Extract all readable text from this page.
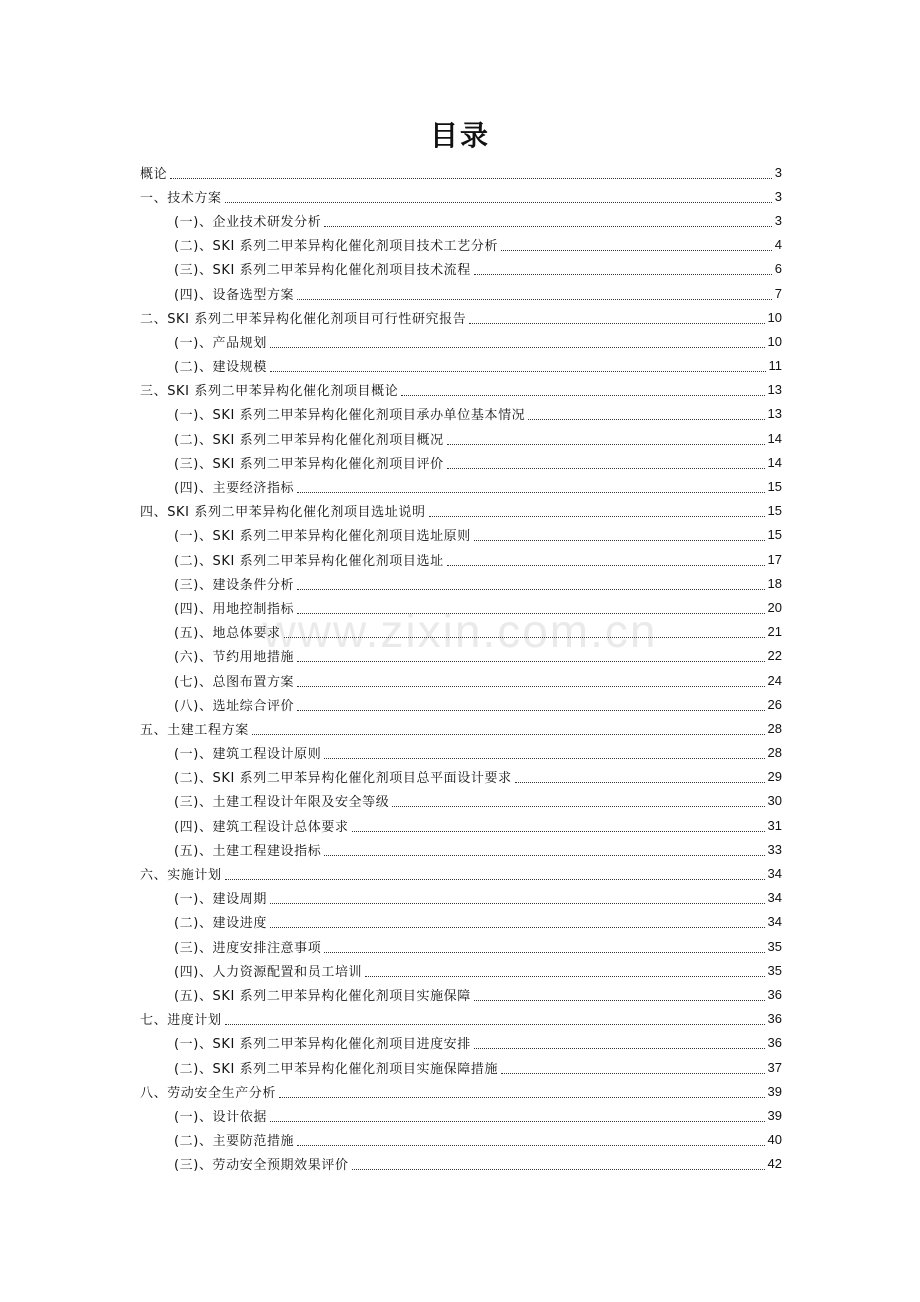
目录
www.zixin.com.cn
概论	3
一、技术方案	3
(一)、企业技术研发分析	3
(二)、SKI 系列二甲苯异构化催化剂项目技术工艺分析	4
(三)、SKI 系列二甲苯异构化催化剂项目技术流程	6
(四)、设备选型方案	7
二、SKI 系列二甲苯异构化催化剂项目可行性研究报告	10
(一)、产品规划	10
(二)、建设规模	11
三、SKI 系列二甲苯异构化催化剂项目概论	13
(一)、SKI 系列二甲苯异构化催化剂项目承办单位基本情况	13
(二)、SKI 系列二甲苯异构化催化剂项目概况	14
(三)、SKI 系列二甲苯异构化催化剂项目评价	14
(四)、主要经济指标	15
四、SKI 系列二甲苯异构化催化剂项目选址说明	15
(一)、SKI 系列二甲苯异构化催化剂项目选址原则	15
(二)、SKI 系列二甲苯异构化催化剂项目选址	17
(三)、建设条件分析	18
(四)、用地控制指标	20
(五)、地总体要求	21
(六)、节约用地措施	22
(七)、总图布置方案	24
(八)、选址综合评价	26
五、土建工程方案	28
(一)、建筑工程设计原则	28
(二)、SKI 系列二甲苯异构化催化剂项目总平面设计要求	29
(三)、土建工程设计年限及安全等级	30
(四)、建筑工程设计总体要求	31
(五)、土建工程建设指标	33
六、实施计划	34
(一)、建设周期	34
(二)、建设进度	34
(三)、进度安排注意事项	35
(四)、人力资源配置和员工培训	35
(五)、SKI 系列二甲苯异构化催化剂项目实施保障	36
七、进度计划	36
(一)、SKI 系列二甲苯异构化催化剂项目进度安排	36
(二)、SKI 系列二甲苯异构化催化剂项目实施保障措施	37
八、劳动安全生产分析	39
(一)、设计依据	39
(二)、主要防范措施	40
(三)、劳动安全预期效果评价	42
